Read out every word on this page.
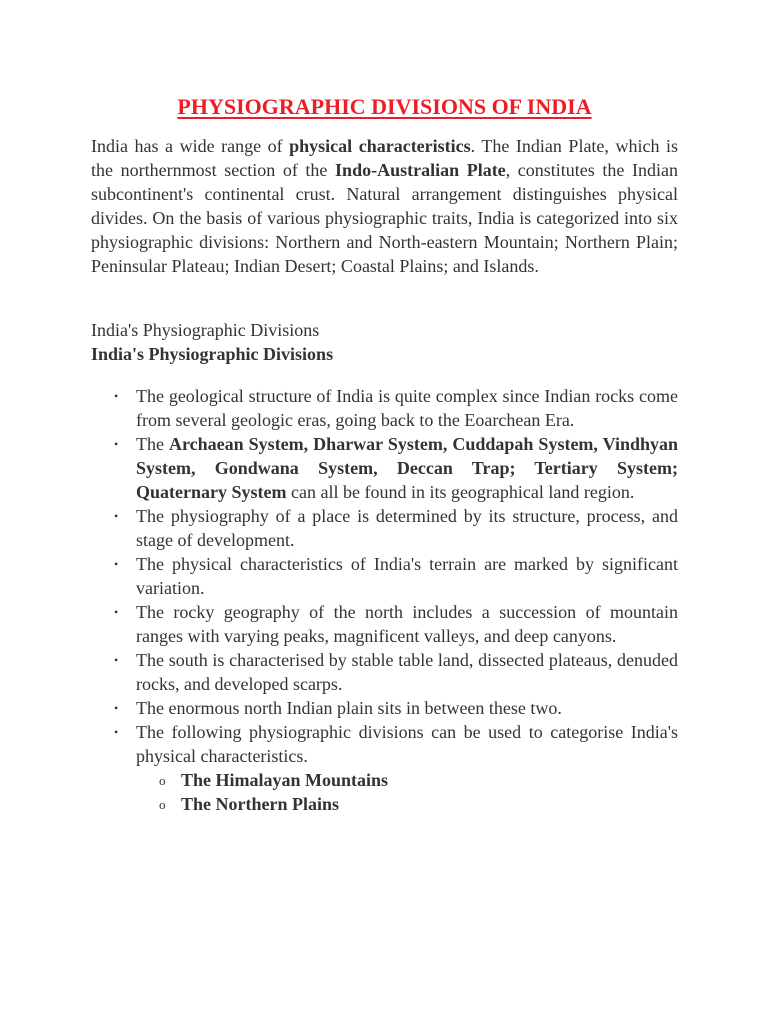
PHYSIOGRAPHIC DIVISIONS OF INDIA

India has a wide range of physical characteristics. The Indian Plate, which is the northernmost section of the Indo-Australian Plate, constitutes the Indian subcontinent's continental crust. Natural arrangement distinguishes physical divides. On the basis of various physiographic traits, India is categorized into six physiographic divisions: Northern and North-eastern Mountain; Northern Plain; Peninsular Plateau; Indian Desert; Coastal Plains; and Islands.

India's Physiographic Divisions

India's Physiographic Divisions

• The geological structure of India is quite complex since Indian rocks come from several geologic eras, going back to the Eoarchean Era.
• The Archaean System, Dharwar System, Cuddapah System, Vindhyan System, Gondwana System, Deccan Trap; Tertiary System; Quaternary System can all be found in its geographical land region.
• The physiography of a place is determined by its structure, process, and stage of development.
• The physical characteristics of India's terrain are marked by significant variation.
• The rocky geography of the north includes a succession of mountain ranges with varying peaks, magnificent valleys, and deep canyons.
• The south is characterised by stable table land, dissected plateaus, denuded rocks, and developed scarps.
• The enormous north Indian plain sits in between these two.
• The following physiographic divisions can be used to categorise India's physical characteristics.
o The Himalayan Mountains
o The Northern Plains
